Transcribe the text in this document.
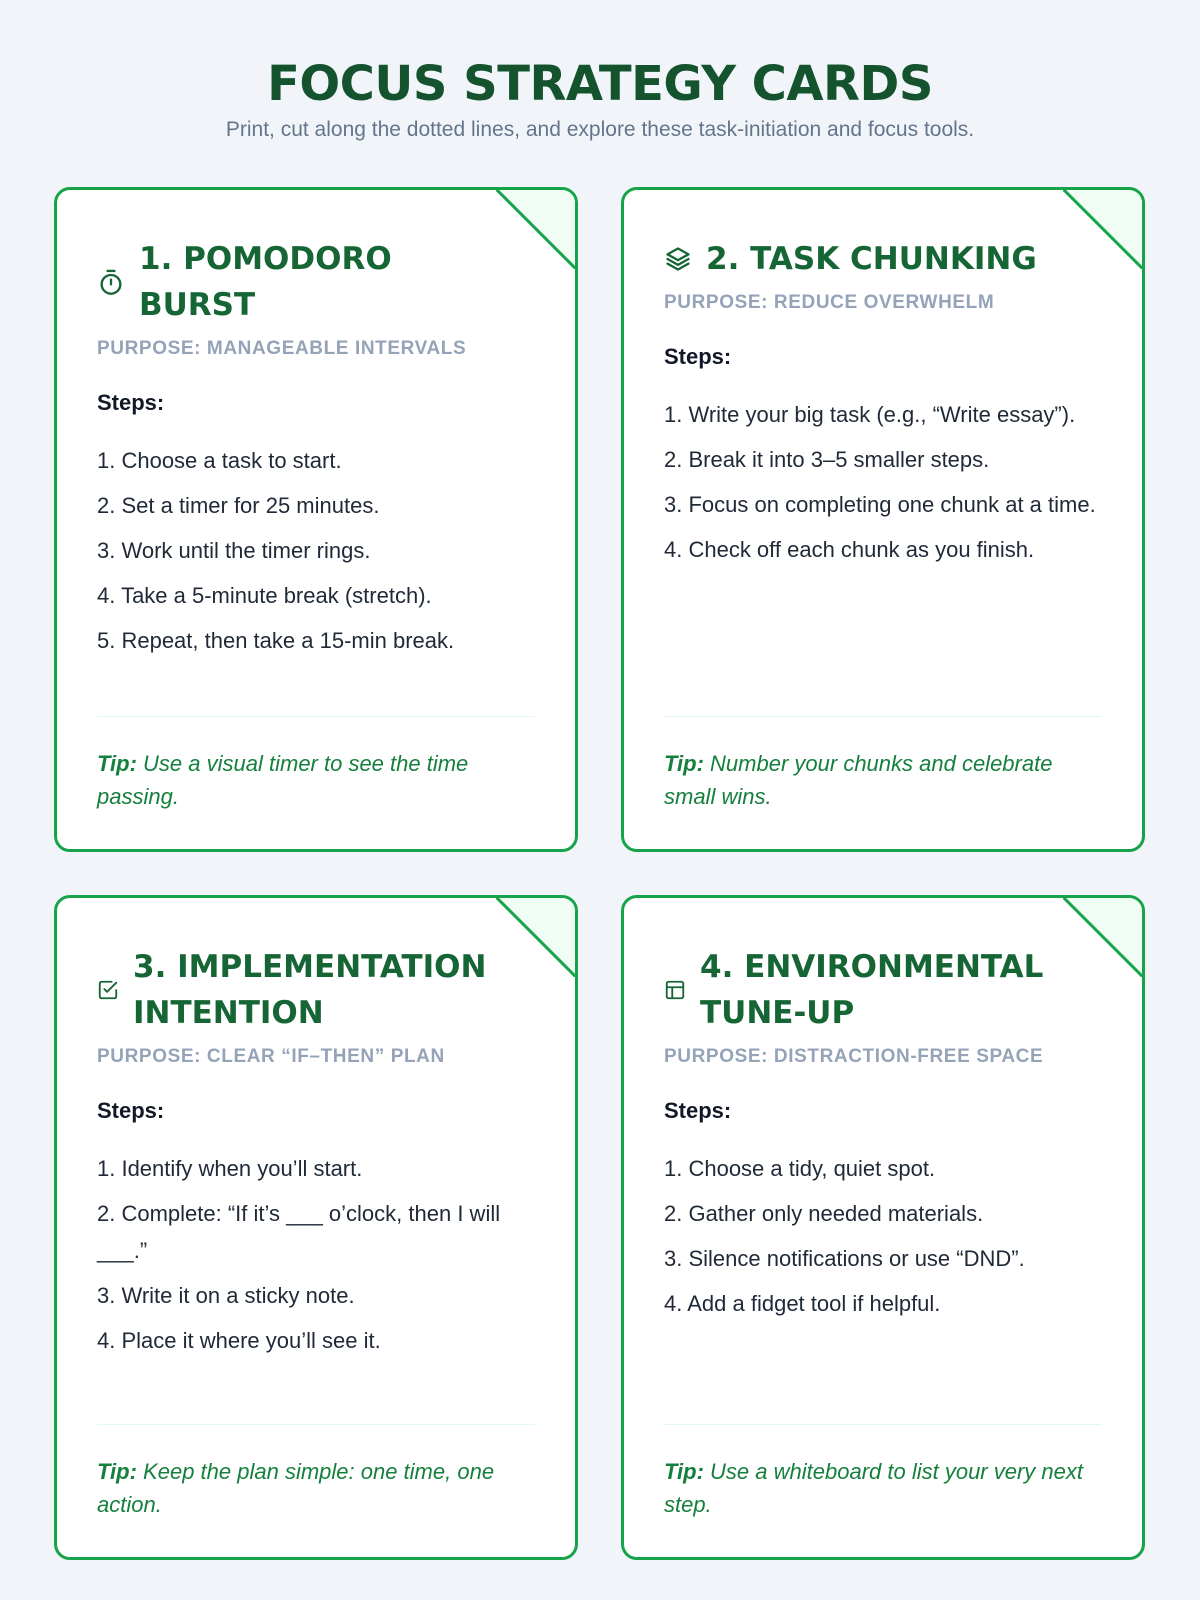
FOCUS STRATEGY CARDS

Print, cut along the dotted lines, and explore these task-initiation and focus tools.

1. POMODORO BURST
PURPOSE: MANAGEABLE INTERVALS
Steps:
1. Choose a task to start.
2. Set a timer for 25 minutes.
3. Work until the timer rings.
4. Take a 5-minute break (stretch).
5. Repeat, then take a 15-min break.
Tip: Use a visual timer to see the time passing.
2. TASK CHUNKING
PURPOSE: REDUCE OVERWHELM
Steps:
1. Write your big task (e.g., “Write essay”).
2. Break it into 3–5 smaller steps.
3. Focus on completing one chunk at a time.
4. Check off each chunk as you finish.
Tip: Number your chunks and celebrate small wins.
3. IMPLEMENTATION INTENTION
PURPOSE: CLEAR “IF–THEN” PLAN
Steps:
1. Identify when you’ll start.
2. Complete: “If it’s ___ o’clock, then I will ___.”
3. Write it on a sticky note.
4. Place it where you’ll see it.
Tip: Keep the plan simple: one time, one action.
4. ENVIRONMENTAL TUNE-UP
PURPOSE: DISTRACTION-FREE SPACE
Steps:
1. Choose a tidy, quiet spot.
2. Gather only needed materials.
3. Silence notifications or use “DND”.
4. Add a fidget tool if helpful.
Tip: Use a whiteboard to list your very next step.
